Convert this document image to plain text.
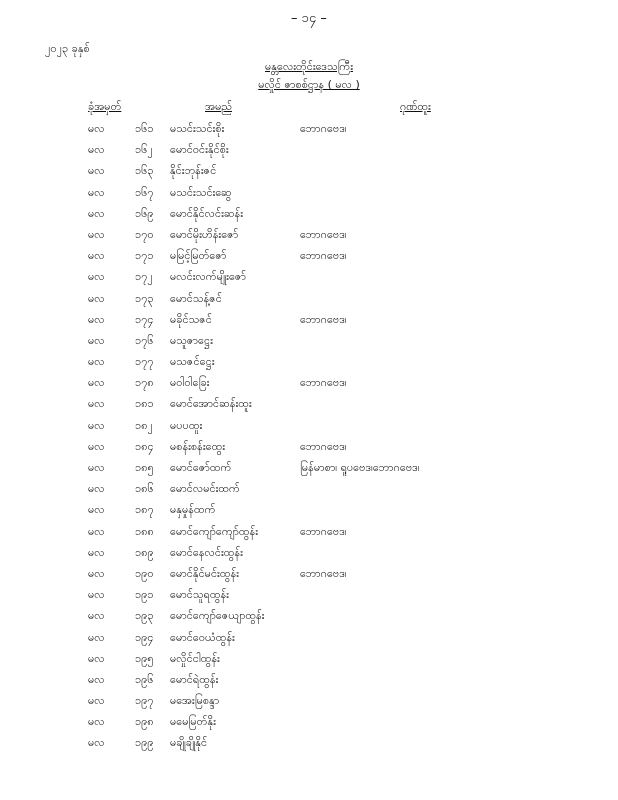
– ၁၄ –
၂၀၂၃ ခုနှစ်
မန္တလေးတိုင်းဒေသကြီး
မလှိုင် ဇာစစ်ဋ္ဌာန ( မလ )
ခုံအမှတ်	အမည်	ဂုဏ်ထူး
မလ	၁၆၁ မသင်းသင်းစိုး	ဘောဂဗေဒ၊
မလ	၁၆၂ မောင်ဝင်းနိုင်စိုး
မလ	၁၆၃ နိုင်းဘုန်းဇင်
မလ	၁၆၇ မသင်းသင်းဆွေ
မလ	၁၆၉ မောင်နိုင်လင်းဆန်း
မလ	၁၇၀ မောင်မိုးဟိန်းဇော်	ဘောဂဗေဒ၊
မလ	၁၇၁ မမြင့်မြတ်ဇော်	ဘောဂဗေဒ၊
မလ	၁၇၂ မလင်းလက်မျိုးဇော်
မလ	၁၇၃ မောင်သန့်ဇင်
မလ	၁၇၄ မခိုင်သဇင်	ဘောဂဗေဒ၊
မလ	၁၇၆ မသူဇာဋ္ဌေး
မလ	၁၇၇ မသဇင်ဋ္ဌေး
မလ	၁၇၈ မဝါဝါခြေး	ဘောဂဗေဒ၊
မလ	၁၈၁ မောင်အောင်ဆန်းထူး
မလ	၁၈၂ မပပထူး
မလ	၁၈၄ မစန်းစန်းထွေး	ဘောဂဗေဒ၊
မလ	၁၈၅ မောင်ဇော်ထက်	မြန်မာစာ၊ ရူပဗေဒ၊ဘောဂဗေဒ၊
မလ	၁၈၆ မောင်လမင်းထက်
မလ	၁၈၇ မနှမှုန်ထက်
မလ	၁၈၈ မောင်ကျော်ကျော်ထွန်း	ဘောဂဗေဒ၊
မလ	၁၈၉ မောင်နေလင်းထွန်း
မလ	၁၉၀ မောင်နိုင်မင်းထွန်း	ဘောဂဗေဒ၊
မလ	၁၉၁ မောင်သူရထွန်း
မလ	၁၉၃ မောင်ကျော်ဇေယျာထွန်း
မလ	၁၉၄ မောင်ဝေယံထွန်း
မလ	၁၉၅ မလှိုင်ငါထွန်း
မလ	၁၉၆ မောင်ရဲထွန်း
မလ	၁၉၇ မအေးမြစန္ဒာ
မလ	၁၉၈ မမေမြတ်နိုး
မလ	၁၉၉ မချိုချိုနိုင်
